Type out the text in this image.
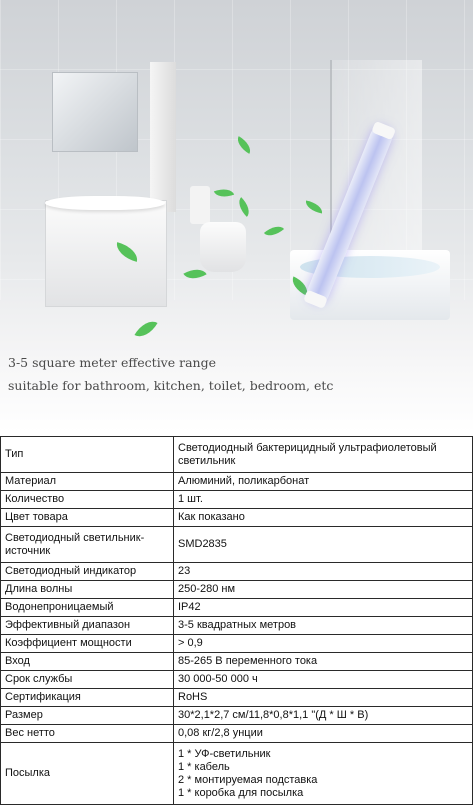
3-5 square meter effective range
suitable for bathroom, kitchen, toilet, bedroom, etc
Тип	Светодиодный бактерицидный ультрафиолетовый светильник
Материал	Алюминий, поликарбонат
Количество	1 шт.
Цвет товара	Как показано
Светодиодный светильник-источник	SMD2835
Светодиодный индикатор	23
Длина волны	250-280 нм
Водонепроницаемый	IP42
Эффективный диапазон	3-5 квадратных метров
Коэффициент мощности	> 0,9
Вход	85-265 В переменного тока
Срок службы	30 000-50 000 ч
Сертификация	RoHS
Размер	30*2,1*2,7 см/11,8*0,8*1,1 "(Д * Ш * В)
Вес нетто	0,08 кг/2,8 унции
Посылка	1 * УФ-светильник
1 * кабель
2 * монтируемая подставка
1 * коробка для посылка
